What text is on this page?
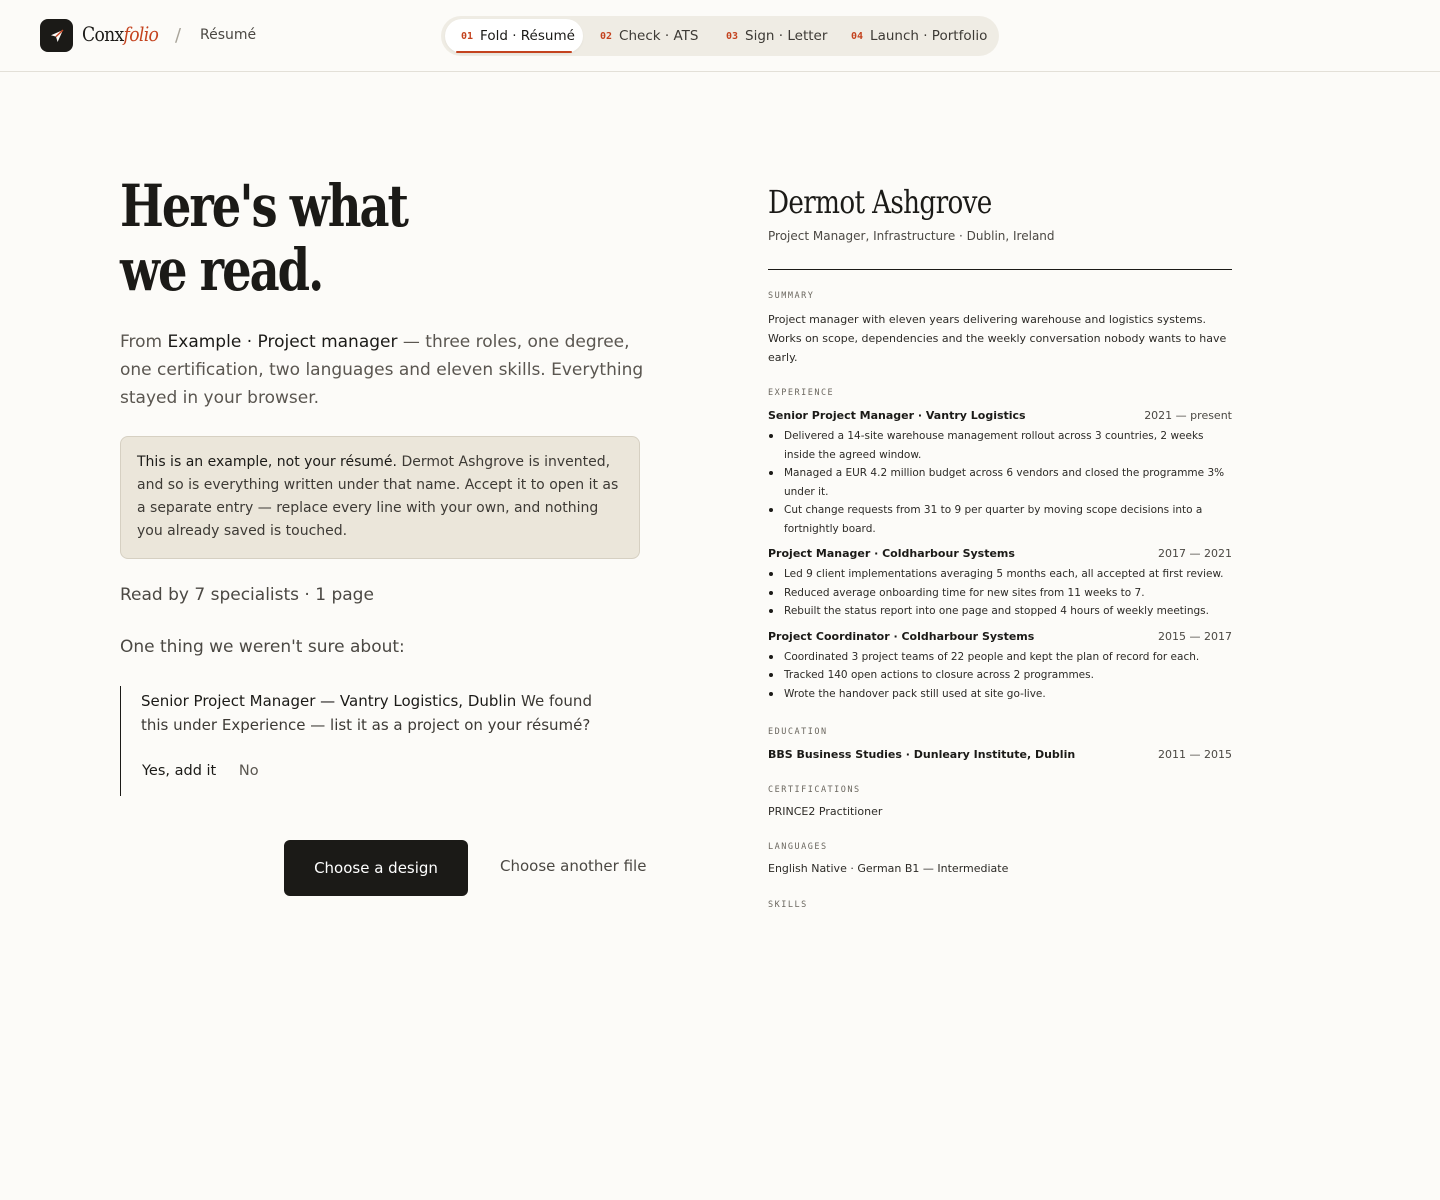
Conxfolio / Résumé	01 Fold · Résumé	02 Check · ATS	03 Sign · Letter 04 Launch · Portfolio
Here's what
we read.

From Example · Project manager — three roles, one degree, one certification, two languages and eleven skills. Everything stayed in your browser.

This is an example, not your résumé. Dermot Ashgrove is invented, and so is everything written under that name. Accept it to open it as a separate entry — replace every line with your own, and nothing you already saved is touched.

Read by 7 specialists · 1 page

One thing we weren't sure about:

Senior Project Manager — Vantry Logistics, Dublin We found this under Experience — list it as a project on your résumé?

Yes, add it No
Choose a design	Choose another file
Dermot Ashgrove
Project Manager, Infrastructure · Dublin, Ireland
SUMMARY

Project manager with eleven years delivering warehouse and logistics systems. Works on scope, dependencies and the weekly conversation nobody wants to have early.

EXPERIENCE
Senior Project Manager · Vantry Logistics	2021 — present
Delivered a 14-site warehouse management rollout across 3 countries, 2 weeks inside the agreed window.
Managed a EUR 4.2 million budget across 6 vendors and closed the programme 3% under it.
Cut change requests from 31 to 9 per quarter by moving scope decisions into a fortnightly board.
Project Manager · Coldharbour Systems	2017 — 2021
Led 9 client implementations averaging 5 months each, all accepted at first review.
Reduced average onboarding time for new sites from 11 weeks to 7.
Rebuilt the status report into one page and stopped 4 hours of weekly meetings.
Project Coordinator · Coldharbour Systems	2015 — 2017
Coordinated 3 project teams of 22 people and kept the plan of record for each.
Tracked 140 open actions to closure across 2 programmes.
Wrote the handover pack still used at site go-live.
EDUCATION
BBS Business Studies · Dunleary Institute, Dublin	2011 — 2015
CERTIFICATIONS
PRINCE2 Practitioner
LANGUAGES
English Native · German B1 — Intermediate
SKILLS
